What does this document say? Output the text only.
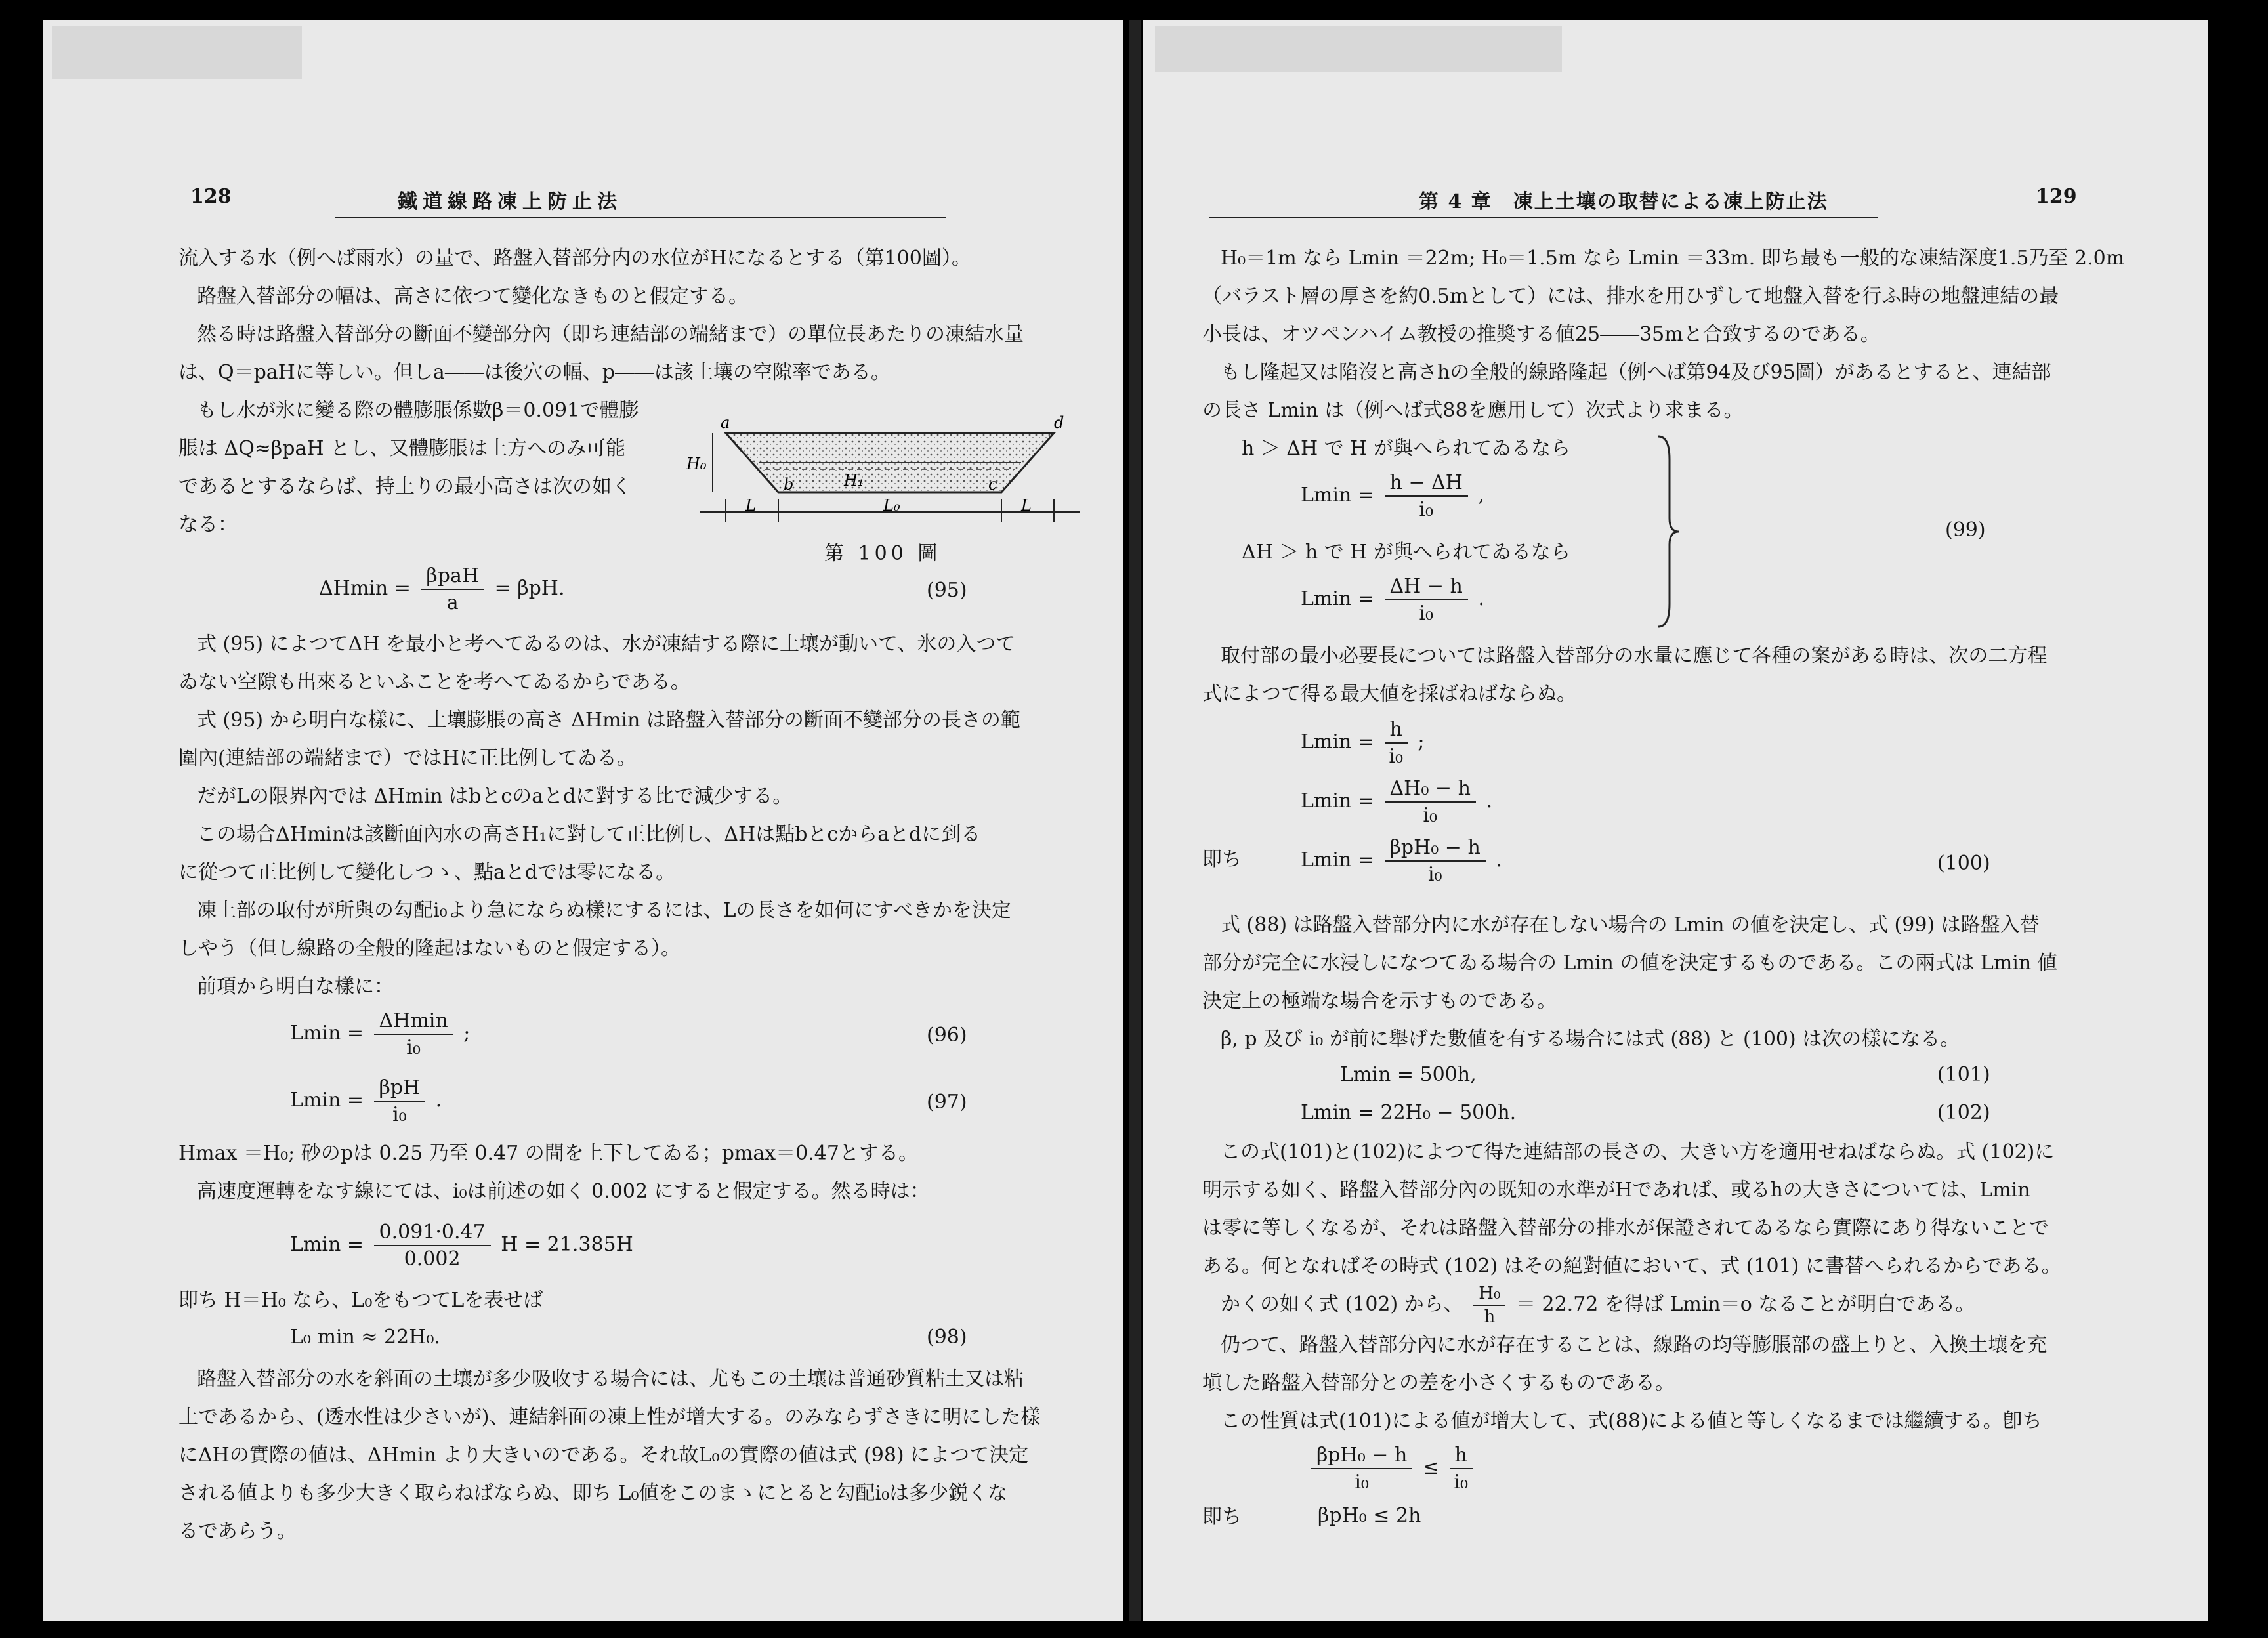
128	鐵道線路凍上防止法
流入する水（例へば雨水）の量で、路盤入替部分内の水位がHになるとする（第100圖）。
路盤入替部分の幅は、高さに依つて變化なきものと假定する。
然る時は路盤入替部分の斷面不變部分內（即ち連結部の端緒まで）の單位長あたりの凍結水量
は、Q＝paHに等しい。但しa――は後穴の幅、p――は該土壤の空隙率である。
もし水が氷に變る際の體膨脹係數β＝0.091で體膨
脹は ΔQ≈βpaH とし、又體膨脹は上方へのみ可能
であるとするならば、持上りの最小高さは次の如く
なる：
a	d
H₀
H₁
b	c
L	L₀	L
第 100 圖
$\Delta Hmin = \frac{\text{βpaH}}{a} = \beta pH$.	(95)
式 (95) によつてΔH を最小と考へてゐるのは、水が凍結する際に土壤が動いて、氷の入つて
ゐない空隙も出來るといふことを考へてゐるからである。
式 (95) から明白な樣に、土壤膨脹の高さ ΔHmin は路盤入替部分の斷面不變部分の長さの範
圍內(連結部の端緒まで）ではHに正比例してゐる。
だがLの限界內では ΔHmin はbとcのaとdに對する比で減少する。
この場合ΔHminは該斷面內水の高さH₁に對して正比例し、ΔHは點bとcからaとdに到る
に從つて正比例して變化しつゝ、點aとdでは零になる。
凍上部の取付が所與の勾配i₀より急にならぬ樣にするには、Lの長さを如何にすべきかを決定
しやう（但し線路の全般的隆起はないものと假定する）。
前項から明白な樣に：
$Lmin = \frac{\Delta Hmin}{\text{i₀}}$ ;	(96)
$Lmin = \frac{\text{βpH}}{\text{i₀}}$ .	(97)
Hmax ＝H₀; 砂のpは 0.25 乃至 0.47 の間を上下してゐる；pmax＝0.47とする。
高速度運轉をなす線にては、i₀は前述の如く 0.002 にすると假定する。然る時は：
$Lmin = \frac{0.091\cdot 0.47}{0.002}$ H = 21.385H
即ち H＝H₀ なら、L₀をもつてLを表せば
L₀ min ≈ 22H₀.	(98)
路盤入替部分の水を斜面の土壤が多少吸收する場合には、尤もこの土壤は普通砂質粘土又は粘
土であるから、(透水性は少さいが)、連結斜面の凍上性が增大する。のみならずさきに明にした樣
にΔHの實際の値は、ΔHmin より大きいのである。それ故L₀の實際の値は式 (98) によつて決定
される値よりも多少大きく取らねばならぬ、即ち L₀値をこのまゝにとると勾配i₀は多少鋭くな
るであらう。
第 4 章　凍上土壤の取替による凍上防止法	129
H₀＝1m なら Lmin ＝22m; H₀＝1.5m なら Lmin ＝33m. 即ち最も一般的な凍結深度1.5乃至 2.0m
（バラスト層の厚さを約0.5mとして）には、排水を用ひずして地盤入替を行ふ時の地盤連結の最
小長は、オツペンハイム教授の推奬する値25――35mと合致するのである。
もし隆起又は陷沒と高さhの全般的線路隆起（例へば第94及び95圖）があるとすると、連結部
の長さ Lmin は（例へば式88を應用して）次式より求まる。
h ＞ ΔH で H が與へられてゐるなら
$Lmin = \frac{h - \Delta H}{\text{i₀}}$ ,
ΔH ＞ h で H が與へられてゐるなら
$Lmin = \frac{\Delta H - h}{\text{i₀}}$ .
(99)
取付部の最小必要長については路盤入替部分の水量に應じて各種の案がある時は、次の二方程
式によつて得る最大値を採ばねばならぬ。
$Lmin = \frac{h}{\text{i₀}}$ ;
$Lmin = \frac{\text{ΔH₀ − h}}{\text{i₀}}$ .
即ち	$Lmin = \frac{\text{βpH₀ − h}}{\text{i₀}}$ .	(100)
式 (88) は路盤入替部分内に水が存在しない場合の Lmin の値を決定し、式 (99) は路盤入替
部分が完全に水浸しになつてゐる場合の Lmin の値を決定するものである。この兩式は Lmin 値
決定上の極端な場合を示すものである。
β, p 及び i₀ が前に舉げた數値を有する場合には式 (88) と (100) は次の樣になる。
Lmin = 500h,	(101)
Lmin = 22H₀ − 500h.	(102)
この式(101)と(102)によつて得た連結部の長さの、大きい方を適用せねばならぬ。式 (102)に
明示する如く、路盤入替部分內の既知の水準がHであれば、或るhの大きさについては、Lmin
は零に等しくなるが、それは路盤入替部分の排水が保證されてゐるなら實際にあり得ないことで
ある。何となればその時式 (102) はその絕對値において、式 (101) に書替へられるからである。
かくの如く式 (102) から、 $\frac{\text{H₀}}{h} = 22.72$ を得ば Lmin＝o なることが明白である。
仍つて、路盤入替部分內に水が存在することは、線路の均等膨脹部の盛上りと、入換土壤を充
塡した路盤入替部分との差を小さくするものである。
この性質は式(101)による値が增大して、式(88)による値と等しくなるまでは繼續する。卽ち
$\frac{\text{βpH₀ − h}}{\text{i₀}} \le \frac{h}{\text{i₀}}$
即ち	βpH₀ ≤ 2h
